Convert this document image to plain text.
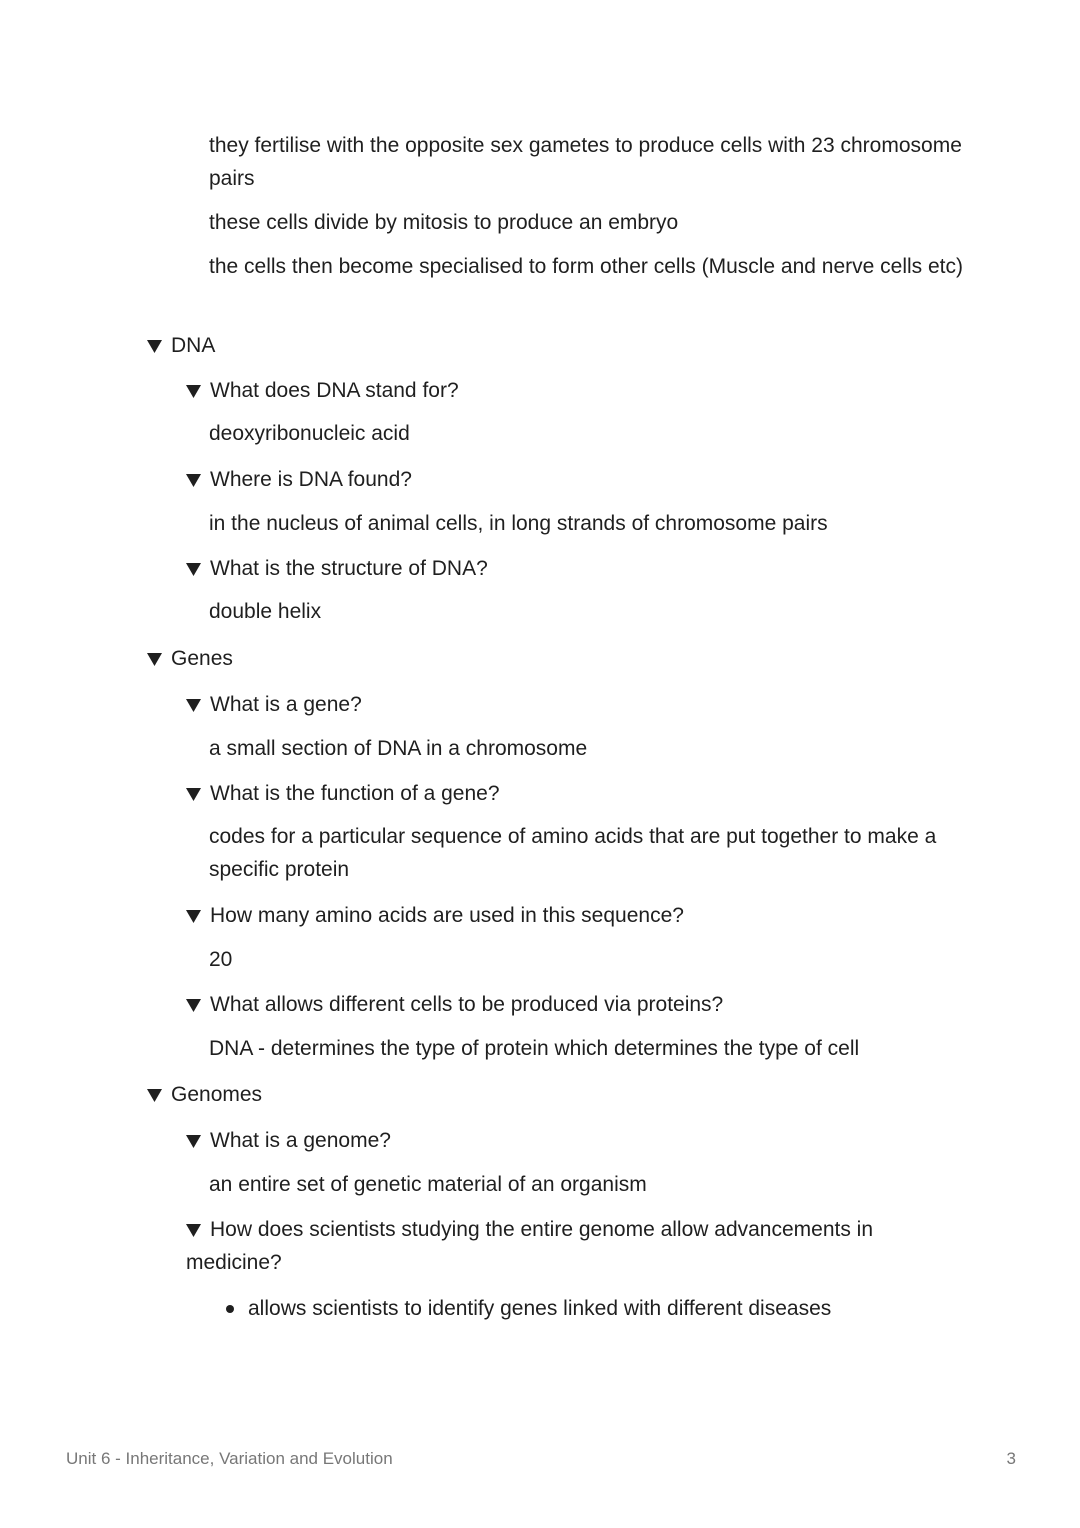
they fertilise with the opposite sex gametes to produce cells with 23 chromosome pairs

these cells divide by mitosis to produce an embryo

the cells then become specialised to form other cells (Muscle and nerve cells etc)

DNA
What does DNA stand for?

deoxyribonucleic acid

Where is DNA found?

in the nucleus of animal cells, in long strands of chromosome pairs

What is the structure of DNA?

double helix

Genes
What is a gene?

a small section of DNA in a chromosome

What is the function of a gene?

codes for a particular sequence of amino acids that are put together to make a specific protein

How many amino acids are used in this sequence?

20

What allows different cells to be produced via proteins?

DNA - determines the type of protein which determines the type of cell

Genomes
What is a genome?

an entire set of genetic material of an organism

How does scientists studying the entire genome allow advancements in

medicine?

allows scientists to identify genes linked with different diseases

Unit 6 - Inheritance, Variation and Evolution	3
